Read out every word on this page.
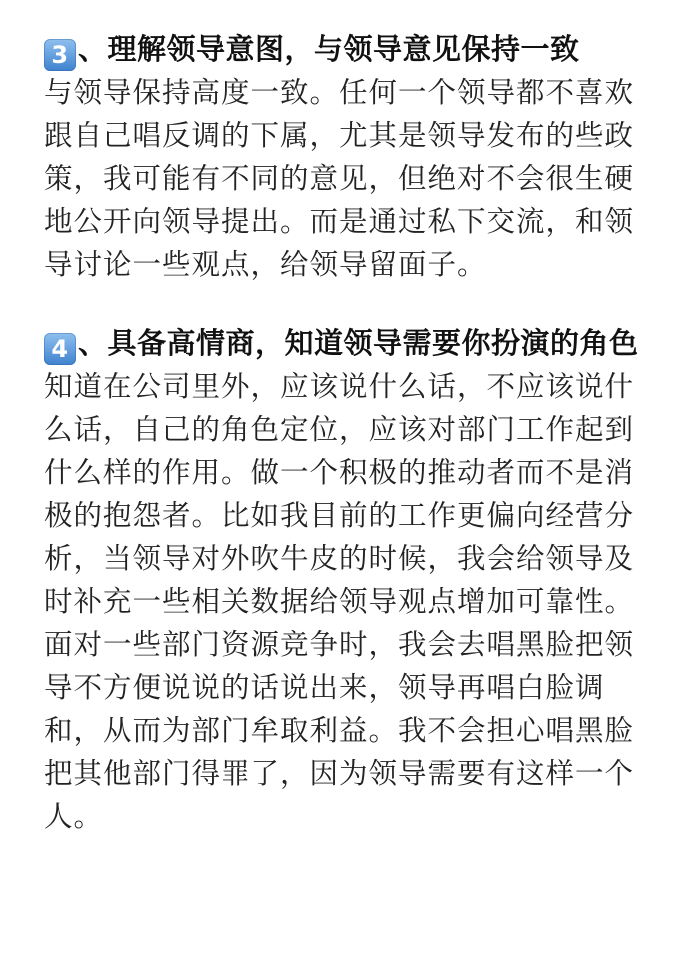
3 、理解领导意图，与领导意见保持一致

与领导保持高度一致。任何一个领导都不喜欢跟自己唱反调的下属，尤其是领导发布的些政策，我可能有不同的意见，但绝对不会很生硬地公开向领导提出。而是通过私下交流，和领导讨论一些观点，给领导留面子。

4 、具备高情商，知道领导需要你扮演的角色

知道在公司里外，应该说什么话，不应该说什么话，自己的角色定位，应该对部门工作起到什么样的作用。做一个积极的推动者而不是消极的抱怨者。比如我目前的工作更偏向经营分析，当领导对外吹牛皮的时候，我会给领导及时补充一些相关数据给领导观点增加可靠性。面对一些部门资源竞争时，我会去唱黑脸把领导不方便说说的话说出来，领导再唱白脸调和，从而为部门牟取利益。我不会担心唱黑脸把其他部门得罪了，因为领导需要有这样一个人。
